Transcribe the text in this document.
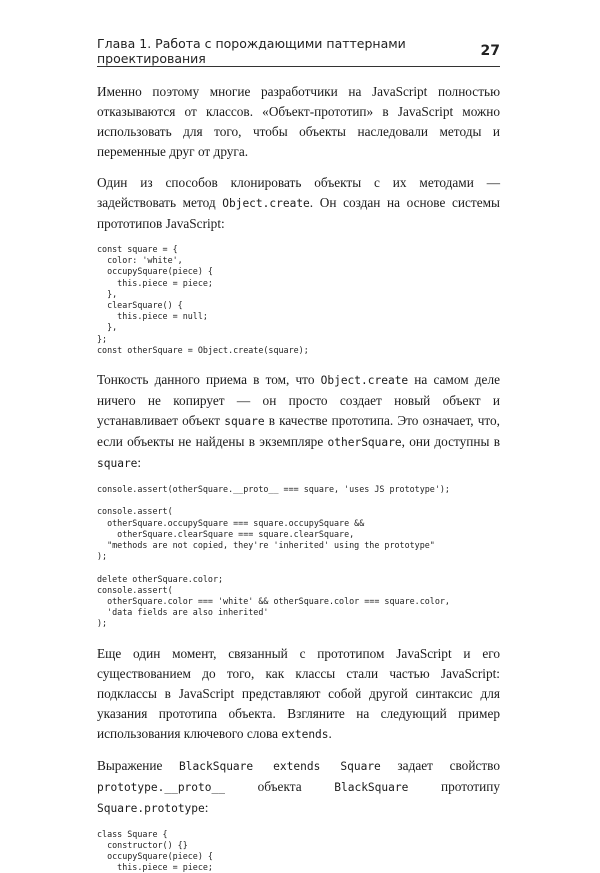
Глава 1. Работа с порождающими паттернами проектирования	27

Именно поэтому многие разработчики на JavaScript полностью отказываются от классов. «Объект-прототип» в JavaScript можно использовать для того, чтобы объекты наследовали методы и переменные друг от друга.

Один из способов клонировать объекты с их методами — задействовать метод Object.create. Он создан на основе системы прототипов JavaScript:

const square = {
color: 'white',
occupySquare(piece) {
this.piece = piece;
},
clearSquare() {
this.piece = null;
},
};
const otherSquare = Object.create(square);

Тонкость данного приема в том, что Object.create на самом деле ничего не копирует — он просто создает новый объект и устанавливает объект square в качестве прототипа. Это означает, что, если объекты не найдены в экземпляре otherSquare, они доступны в square:

console.assert(otherSquare.__proto__ === square, 'uses JS prototype');

console.assert(
otherSquare.occupySquare === square.occupySquare &&
otherSquare.clearSquare === square.clearSquare,
"methods are not copied, they're 'inherited' using the prototype"
);

delete otherSquare.color;
console.assert(
otherSquare.color === 'white' && otherSquare.color === square.color,
'data fields are also inherited'
);

Еще один момент, связанный с прототипом JavaScript и его существованием до того, как классы стали частью JavaScript: подклассы в JavaScript представляют собой другой синтаксис для указания прототипа объекта. Взгляните на следующий пример использования ключевого слова extends.

Выражение BlackSquare extends Square задает свойство prototype.__proto__ объекта BlackSquare прототипу Square.prototype:

class Square {
constructor() {}
occupySquare(piece) {
this.piece = piece;
